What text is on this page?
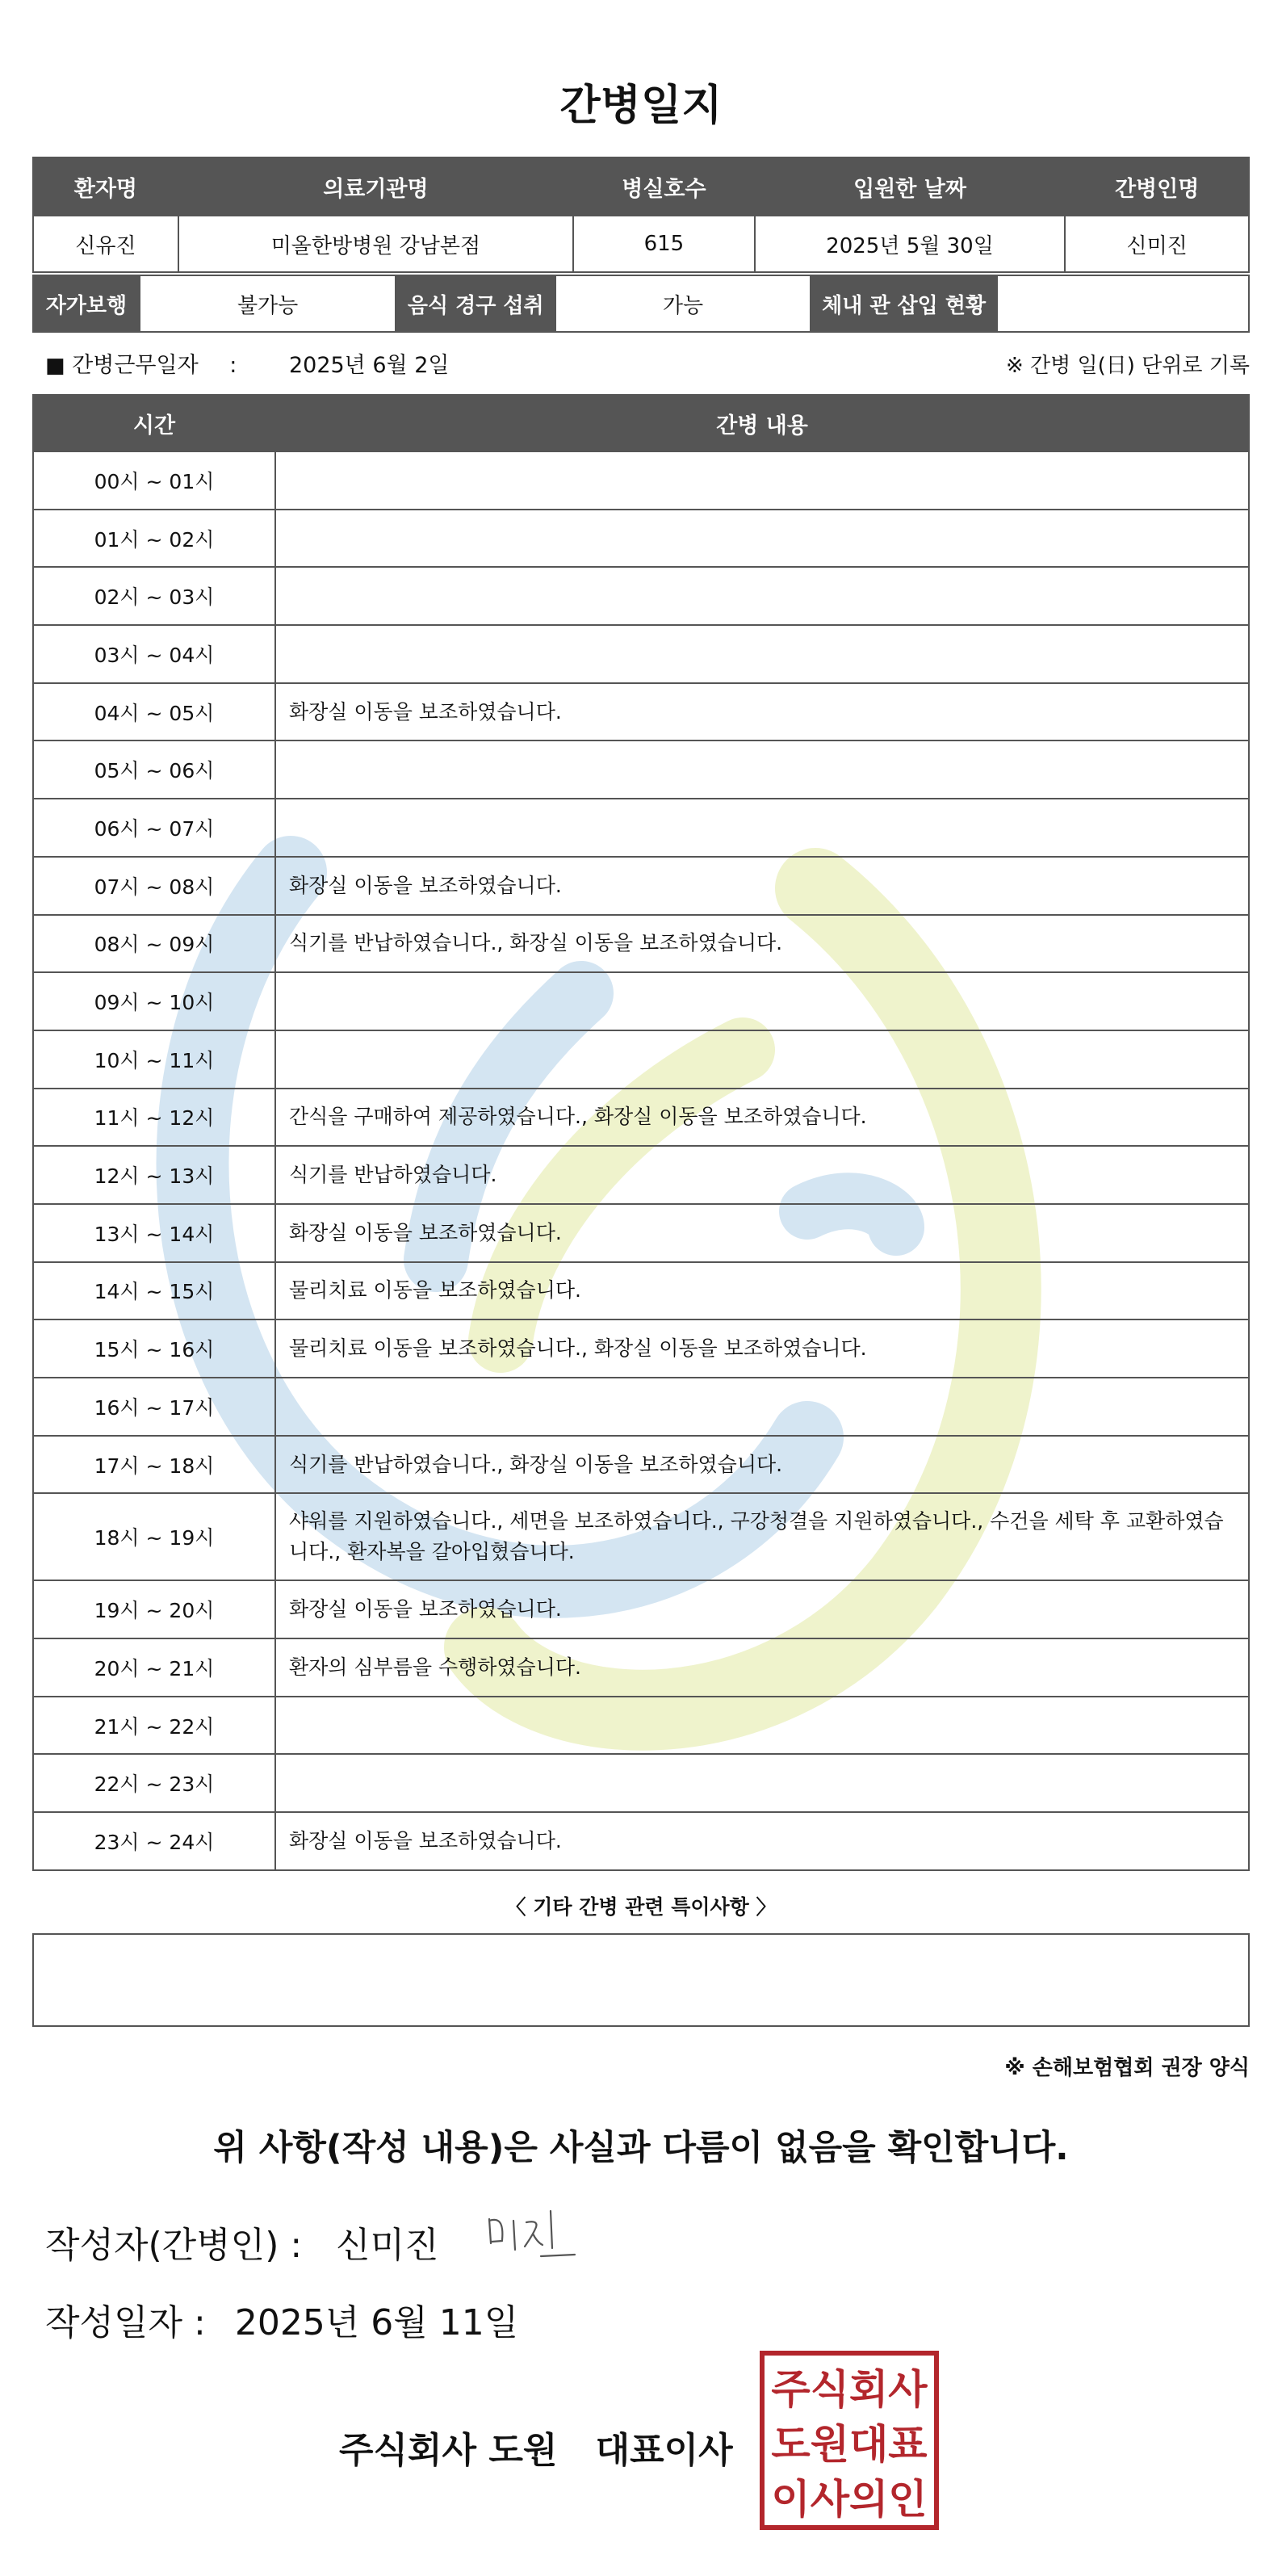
간병일지
환자명	의료기관명	병실호수	입원한 날짜	간병인명
신유진	미올한방병원 강남본점	615	2025년 5월 30일	신미진
자가보행	불가능	음식 경구 섭취	가능	체내 관 삽입 현황	
■ 간병근무일자 : 2025년 6월 2일	※ 간병 일(日) 단위로 기록
시간	간병 내용
00시 ~ 01시	
01시 ~ 02시	
02시 ~ 03시	
03시 ~ 04시	
04시 ~ 05시	화장실 이동을 보조하였습니다.
05시 ~ 06시	
06시 ~ 07시	
07시 ~ 08시	화장실 이동을 보조하였습니다.
08시 ~ 09시	식기를 반납하였습니다., 화장실 이동을 보조하였습니다.
09시 ~ 10시	
10시 ~ 11시	
11시 ~ 12시	간식을 구매하여 제공하였습니다., 화장실 이동을 보조하였습니다.
12시 ~ 13시	식기를 반납하였습니다.
13시 ~ 14시	화장실 이동을 보조하였습니다.
14시 ~ 15시	물리치료 이동을 보조하였습니다.
15시 ~ 16시	물리치료 이동을 보조하였습니다., 화장실 이동을 보조하였습니다.
16시 ~ 17시	
17시 ~ 18시	식기를 반납하였습니다., 화장실 이동을 보조하였습니다.
18시 ~ 19시	샤워를 지원하였습니다., 세면을 보조하였습니다., 구강청결을 지원하였습니다., 수건을 세탁 후 교환하였습니다., 환자복을 갈아입혔습니다.
19시 ~ 20시	화장실 이동을 보조하였습니다.
20시 ~ 21시	환자의 심부름을 수행하였습니다.
21시 ~ 22시	
22시 ~ 23시	
23시 ~ 24시	화장실 이동을 보조하였습니다.
〈 기타 간병 관련 특이사항 〉
※ 손해보험협회 권장 양식
위 사항(작성 내용)은 사실과 다름이 없음을 확인합니다.
작성자(간병인) : 신미진
작성일자 : 2025년 6월 11일
주식회사 도원 대표이사
주식회사
도원대표
이사의인
